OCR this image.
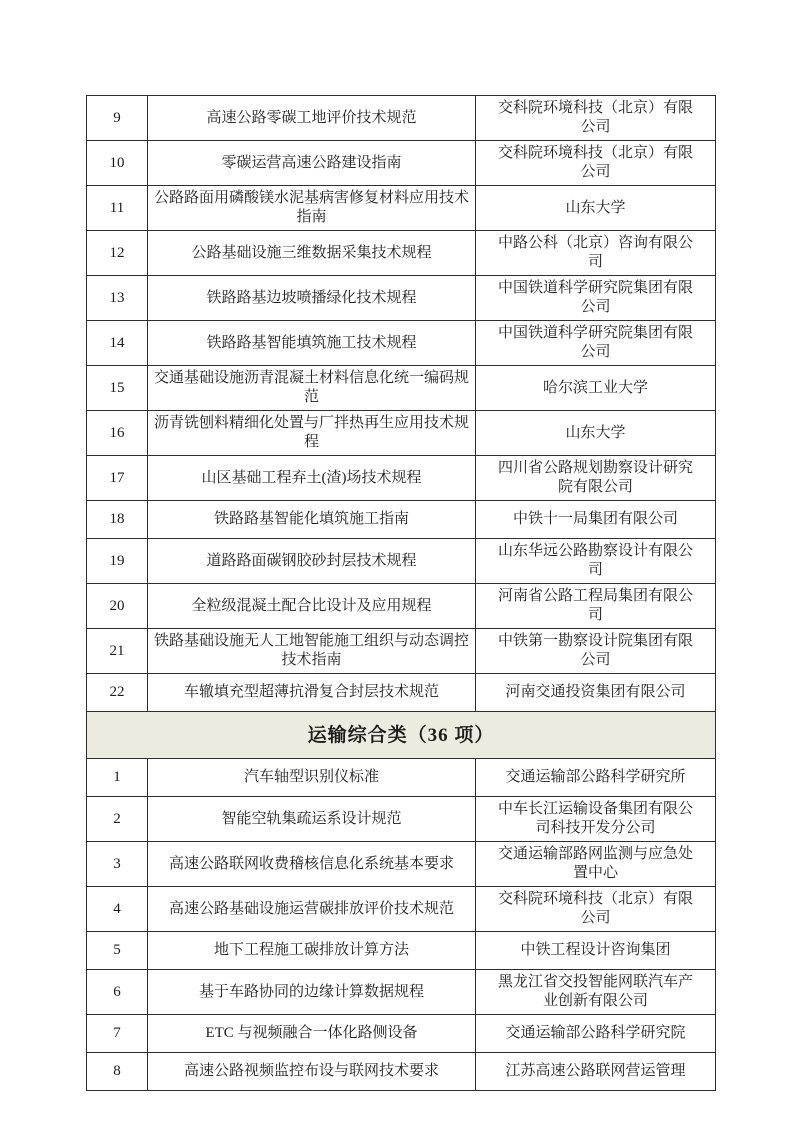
9	高速公路零碳工地评价技术规范	交科院环境科技（北京）有限公司
10	零碳运营高速公路建设指南	交科院环境科技（北京）有限公司
11	公路路面用磷酸镁水泥基病害修复材料应用技术指南	山东大学
12	公路基础设施三维数据采集技术规程	中路公科（北京）咨询有限公司
13	铁路路基边坡喷播绿化技术规程	中国铁道科学研究院集团有限公司
14	铁路路基智能填筑施工技术规程	中国铁道科学研究院集团有限公司
15	交通基础设施沥青混凝土材料信息化统一编码规范	哈尔滨工业大学
16	沥青铣刨料精细化处置与厂拌热再生应用技术规程	山东大学
17	山区基础工程弃土(渣)场技术规程	四川省公路规划勘察设计研究院有限公司
18	铁路路基智能化填筑施工指南	中铁十一局集团有限公司
19	道路路面碳钢胶砂封层技术规程	山东华远公路勘察设计有限公司
20	全粒级混凝土配合比设计及应用规程	河南省公路工程局集团有限公司
21	铁路基础设施无人工地智能施工组织与动态调控技术指南	中铁第一勘察设计院集团有限公司
22	车辙填充型超薄抗滑复合封层技术规范	河南交通投资集团有限公司
运输综合类（36 项）		
1	汽车轴型识别仪标准	交通运输部公路科学研究所
2	智能空轨集疏运系设计规范	中车长江运输设备集团有限公司科技开发分公司
3	高速公路联网收费稽核信息化系统基本要求	交通运输部路网监测与应急处置中心
4	高速公路基础设施运营碳排放评价技术规范	交科院环境科技（北京）有限公司
5	地下工程施工碳排放计算方法	中铁工程设计咨询集团
6	基于车路协同的边缘计算数据规程	黑龙江省交投智能网联汽车产业创新有限公司
7	ETC 与视频融合一体化路侧设备	交通运输部公路科学研究院
8	高速公路视频监控布设与联网技术要求	江苏高速公路联网营运管理
